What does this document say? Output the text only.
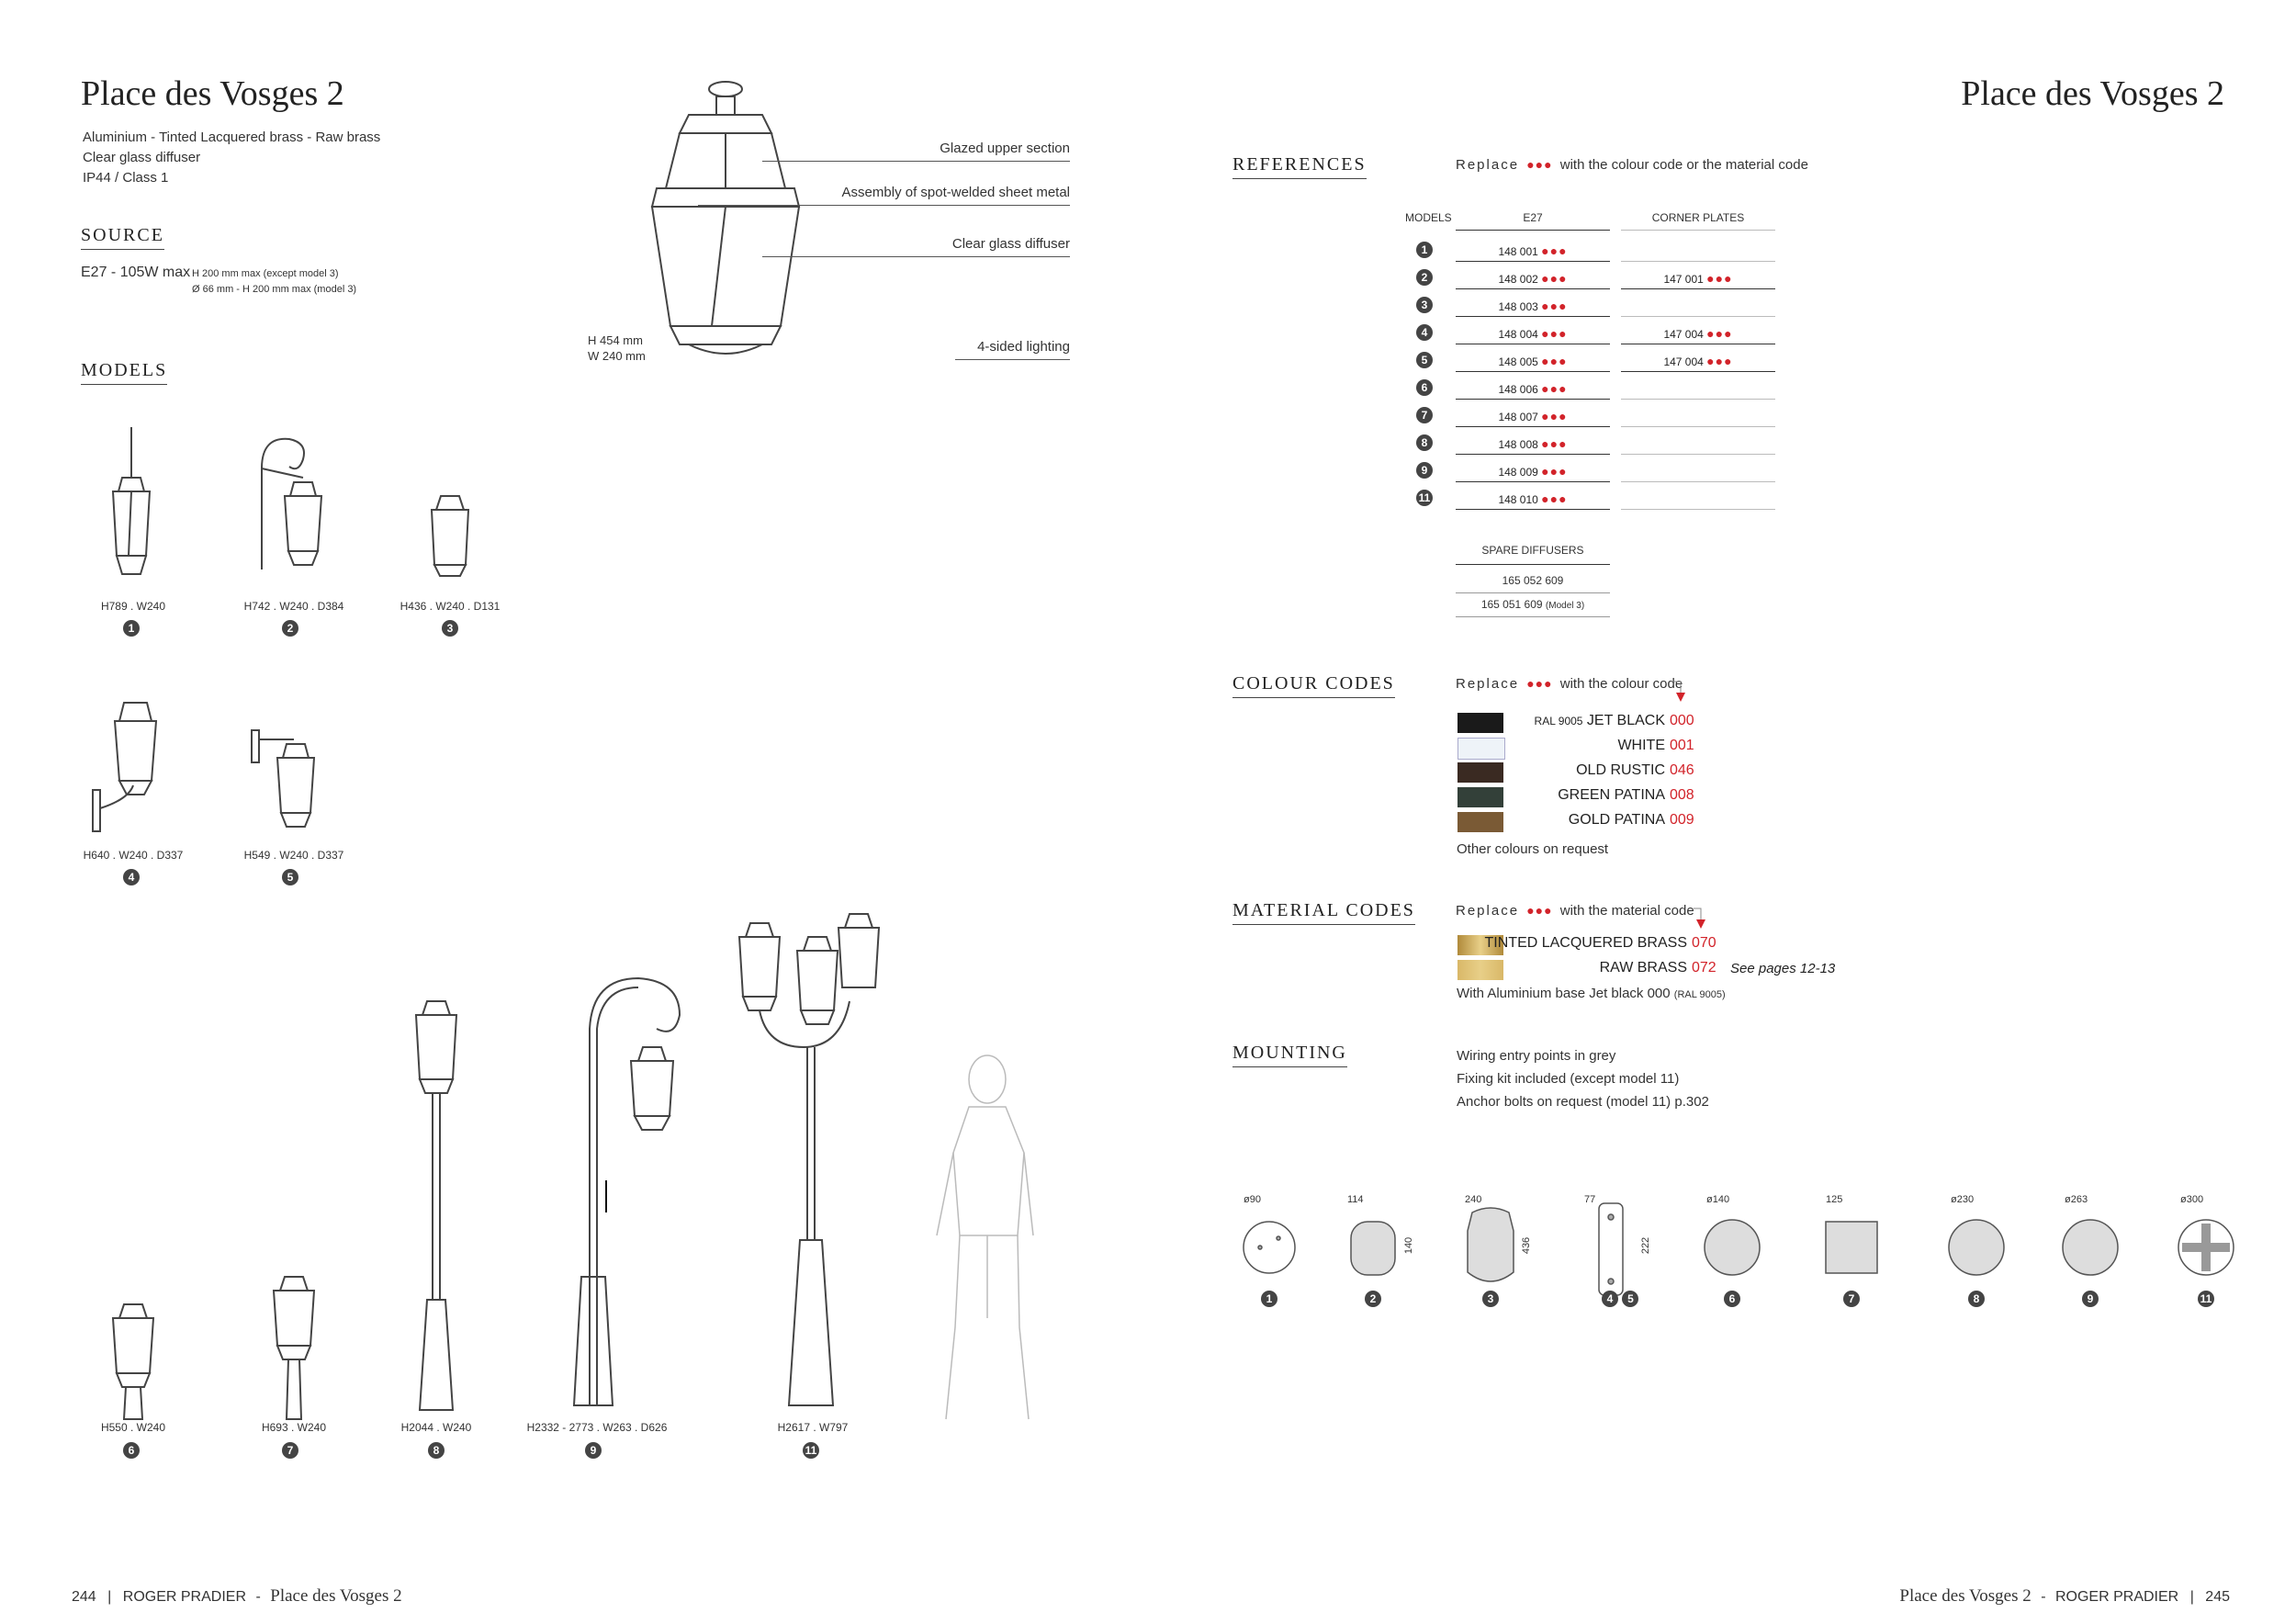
Place des Vosges 2
Aluminium - Tinted Lacquered brass - Raw brass
Clear glass diffuser
IP44 / Class 1
SOURCE
E27 - 105W max H 200 mm max (except model 3)
Ø 66 mm - H 200 mm max (model 3)
MODELS
H 454 mm
W 240 mm
Glazed upper section
Assembly of spot-welded sheet metal
Clear glass diffuser
4-sided lighting
H789 . W240
1
H742 . W240 . D384
2
H436 . W240 . D131
3
H640 . W240 . D337
4
H549 . W240 . D337
5
H550 . W240
6
H693 . W240
7
H2044 . W240
8
H2332 - 2773 . W263 . D626
9
H2617 . W797
11
244 | ROGER PRADIER - Place des Vosges 2
Place des Vosges 2
REFERENCES	Replace ●●● with the colour code or the material code
MODELS	E27	CORNER PLATES
1	148 001 ●●●
2	148 002 ●●●	147 001 ●●●
3	148 003 ●●●
4	148 004 ●●●	147 004 ●●●
5	148 005 ●●●	147 004 ●●●
6	148 006 ●●●
7	148 007 ●●●
8	148 008 ●●●
9	148 009 ●●●
11	148 010 ●●●
SPARE DIFFUSERS
165 052 609
165 051 609 (Model 3)
COLOUR CODES	Replace ●●● with the colour code
RAL 9005 JET BLACK 000
WHITE 001
OLD RUSTIC 046
GREEN PATINA 008
GOLD PATINA 009
Other colours on request
MATERIAL CODES	Replace ●●● with the material code
TINTED LACQUERED BRASS 070
RAW BRASS 072 See pages 12-13
With Aluminium base Jet black 000 (RAL 9005)
MOUNTING	Wiring entry points in grey
Fixing kit included (except model 11)
Anchor bolts on request (model 11) p.302
ø90
1
114
140
2
240
436
3
77
222
4 5
ø140
6
125
7
ø230
8
ø263
9
ø300
11
Place des Vosges 2 - ROGER PRADIER | 245
